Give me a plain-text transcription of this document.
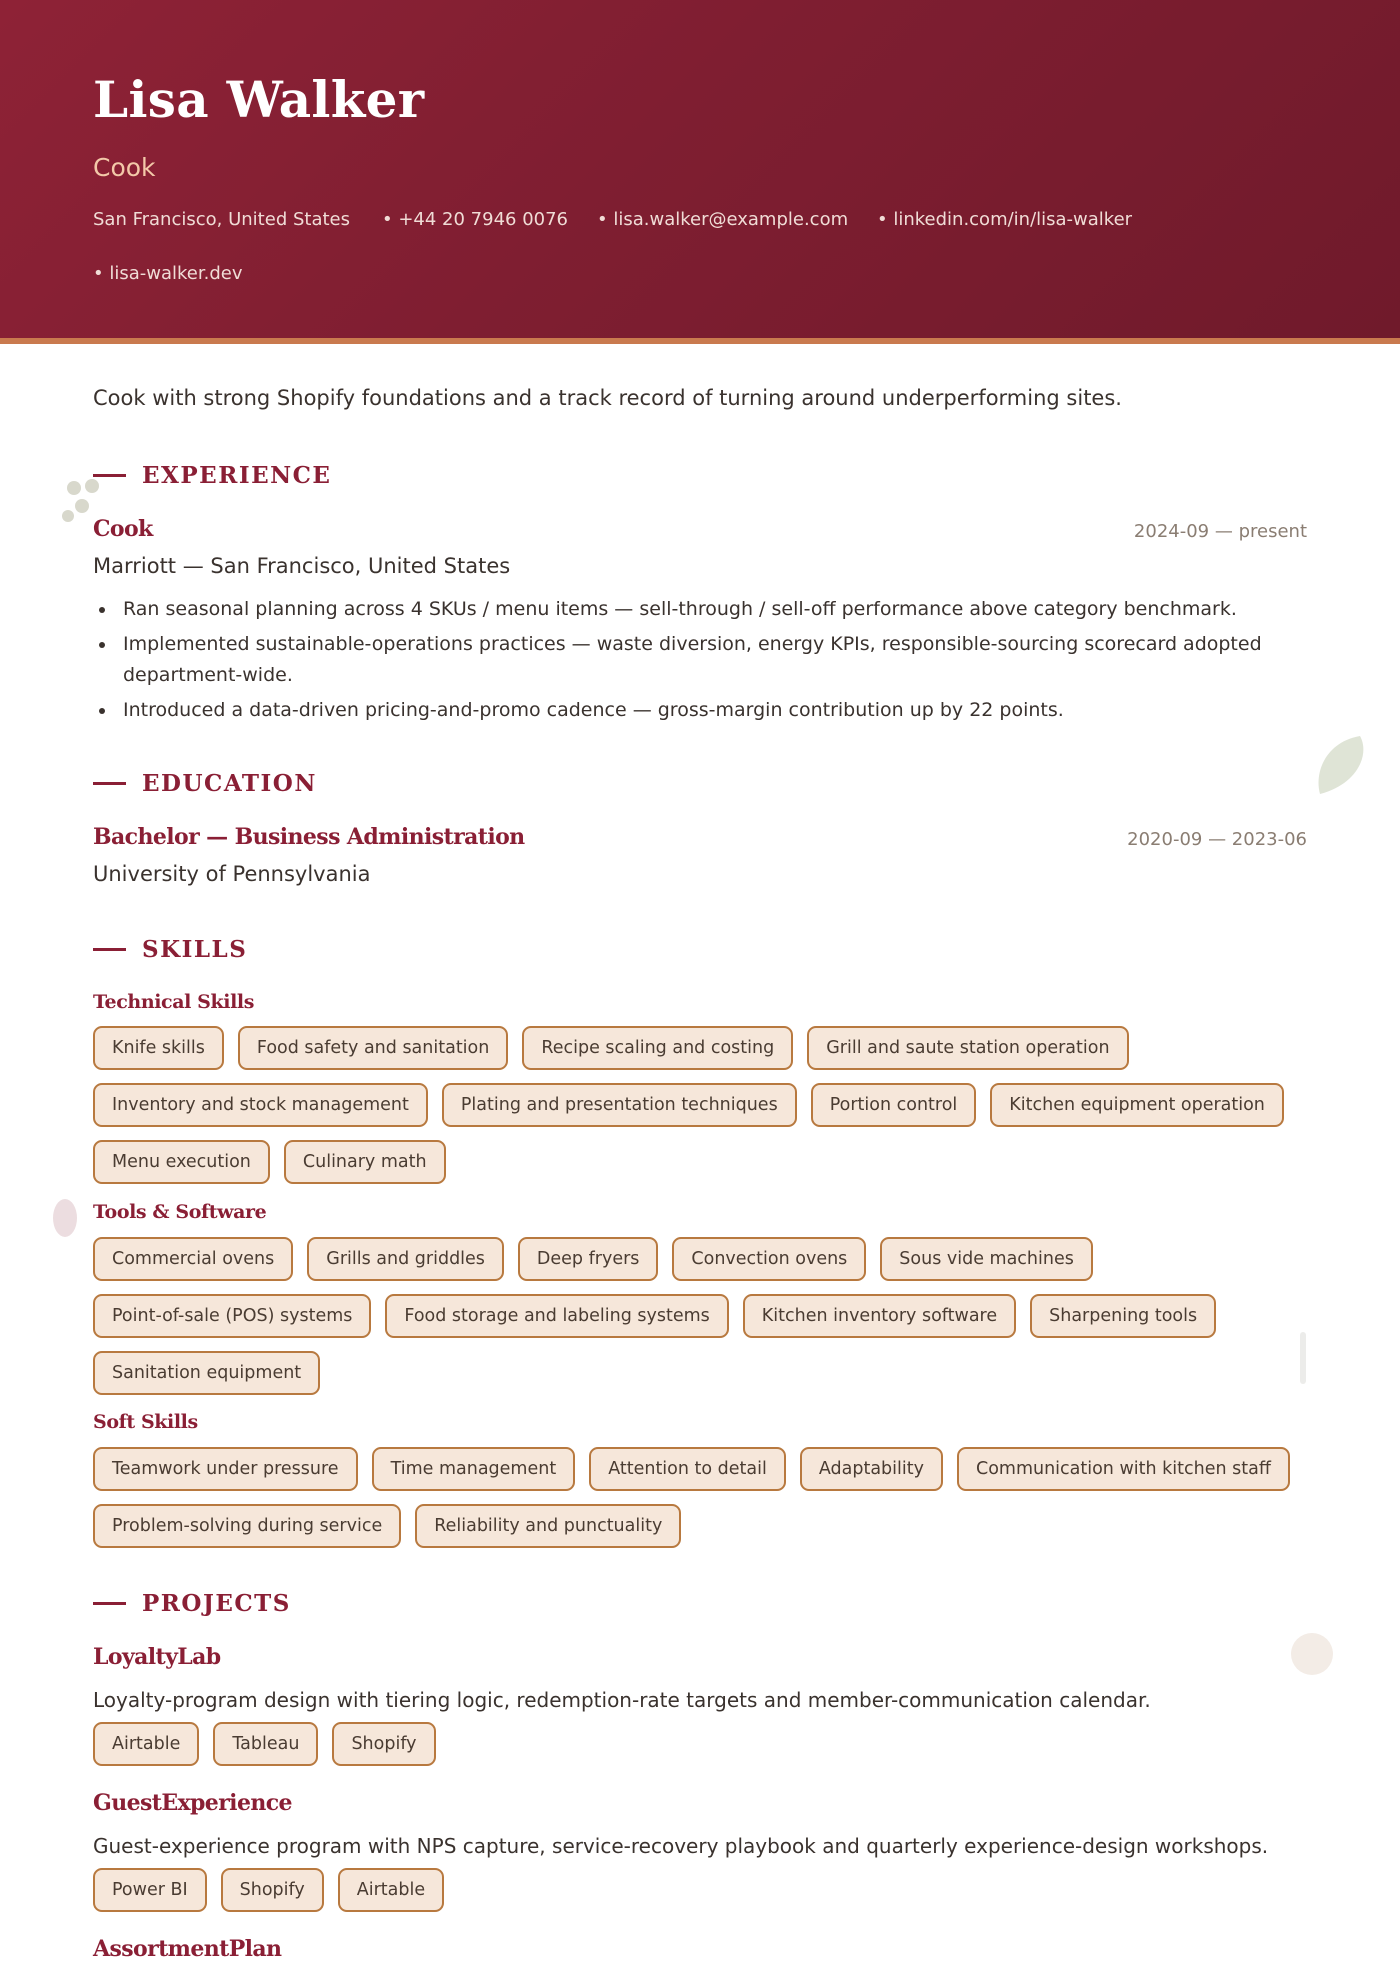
Lisa Walker
Cook
San Francisco, United States • +44 20 7946 0076 • lisa.walker@example.com • linkedin.com/in/lisa-walker
• lisa-walker.dev
Cook with strong Shopify foundations and a track record of turning around underperforming sites.
EXPERIENCE
Cook	2024-09 — present
Marriott — San Francisco, United States
Ran seasonal planning across 4 SKUs / menu items — sell-through / sell-off performance above category benchmark.
Implemented sustainable-operations practices — waste diversion, energy KPIs, responsible-sourcing scorecard adopted department-wide.
Introduced a data-driven pricing-and-promo cadence — gross-margin contribution up by 22 points.
EDUCATION
Bachelor — Business Administration	2020-09 — 2023-06
University of Pennsylvania
SKILLS
Technical Skills
Knife skills	Food safety and sanitation	Recipe scaling and costing	Grill and saute station operation
Inventory and stock management	Plating and presentation techniques	Portion control	Kitchen equipment operation
Menu execution	Culinary math
Tools & Software
Commercial ovens	Grills and griddles	Deep fryers	Convection ovens	Sous vide machines
Point-of-sale (POS) systems	Food storage and labeling systems	Kitchen inventory software	Sharpening tools
Sanitation equipment
Soft Skills
Teamwork under pressure	Time management	Attention to detail	Adaptability	Communication with kitchen staff
Problem-solving during service	Reliability and punctuality
PROJECTS
LoyaltyLab
Loyalty-program design with tiering logic, redemption-rate targets and member-communication calendar.
Airtable	Tableau	Shopify
GuestExperience
Guest-experience program with NPS capture, service-recovery playbook and quarterly experience-design workshops.
Power BI	Shopify	Airtable
AssortmentPlan
